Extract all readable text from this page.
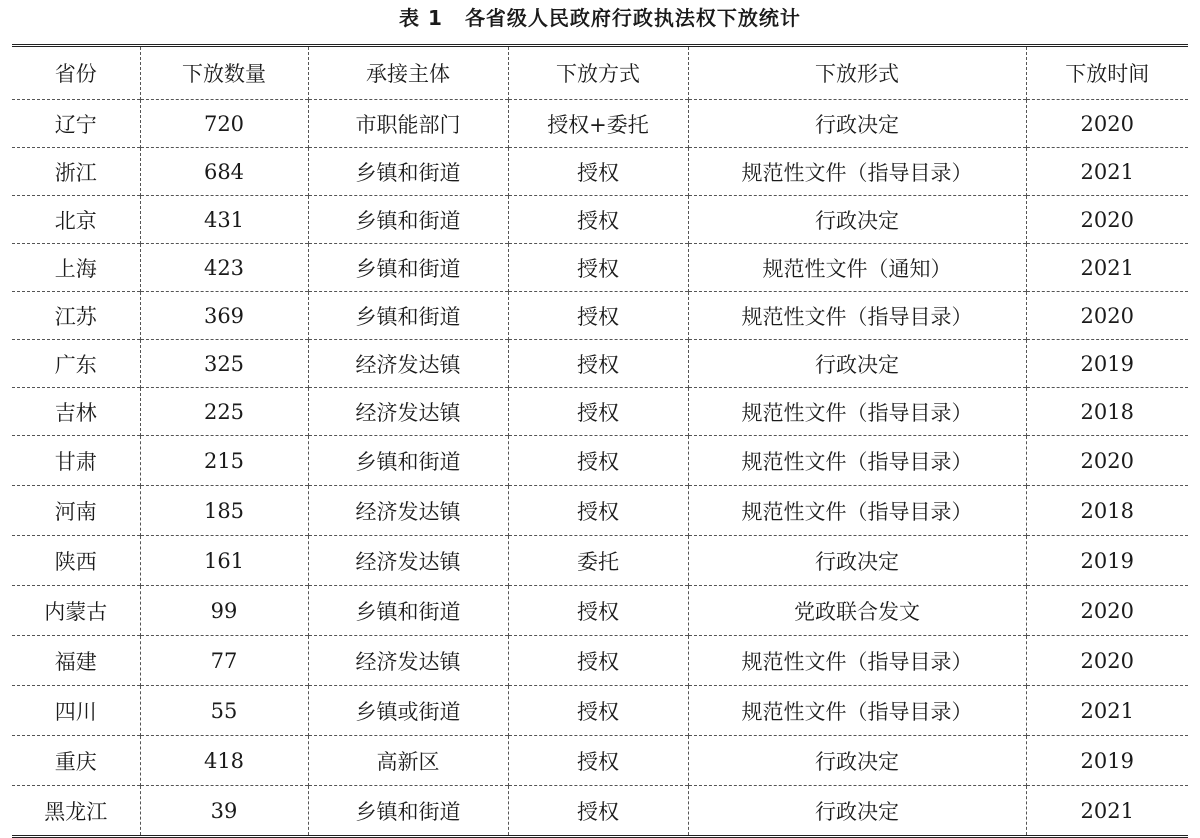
表 1 各省级人民政府行政执法权下放统计
省份	下放数量	承接主体	下放方式	下放形式	下放时间
辽宁	720	市职能部门	授权+委托	行政决定	2020
浙江	684	乡镇和街道	授权	规范性文件（指导目录）	2021
北京	431	乡镇和街道	授权	行政决定	2020
上海	423	乡镇和街道	授权	规范性文件（通知）	2021
江苏	369	乡镇和街道	授权	规范性文件（指导目录）	2020
广东	325	经济发达镇	授权	行政决定	2019
吉林	225	经济发达镇	授权	规范性文件（指导目录）	2018
甘肃	215	乡镇和街道	授权	规范性文件（指导目录）	2020
河南	185	经济发达镇	授权	规范性文件（指导目录）	2018
陕西	161	经济发达镇	委托	行政决定	2019
内蒙古	99	乡镇和街道	授权	党政联合发文	2020
福建	77	经济发达镇	授权	规范性文件（指导目录）	2020
四川	55	乡镇或街道	授权	规范性文件（指导目录）	2021
重庆	418	高新区	授权	行政决定	2019
黑龙江	39	乡镇和街道	授权	行政决定	2021
